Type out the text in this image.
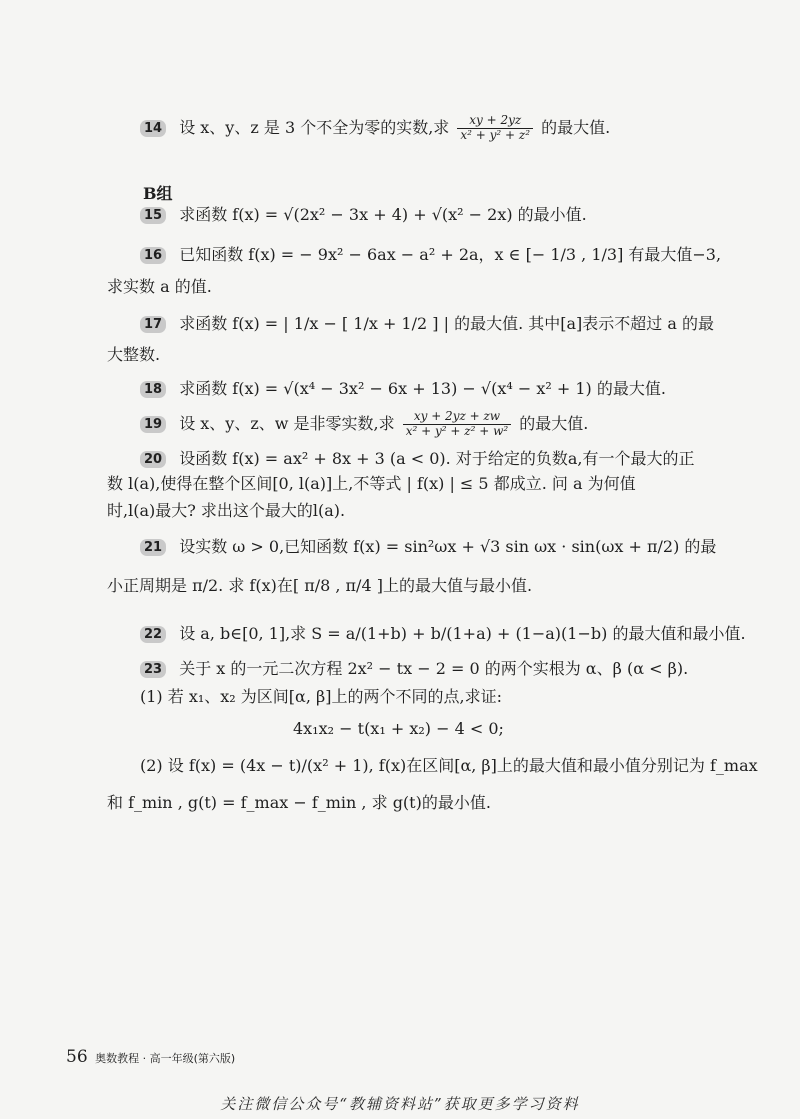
14 设 x、y、z 是 3 个不全为零的实数,求 $\frac{xy + 2yz}{\text{x² + y² + z²}}$ 的最大值.
B组
15 求函数 f(x) = √(2x² − 3x + 4) + √(x² − 2x) 的最小值.
16 已知函数 f(x) = − 9x² − 6ax − a² + 2a，x ∈ [− 1/3 , 1/3] 有最大值−3,
求实数 a 的值.
17 求函数 f(x) = | 1/x − [ 1/x + 1/2 ] | 的最大值. 其中[a]表示不超过 a 的最
大整数.
18 求函数 f(x) = √(x⁴ − 3x² − 6x + 13) − √(x⁴ − x² + 1) 的最大值.
19 设 x、y、z、w 是非零实数,求 $\frac{xy + 2yz + zw}{\text{x² + y² + z² + w²}}$ 的最大值.
20 设函数 f(x) = ax² + 8x + 3 (a < 0). 对于给定的负数a,有一个最大的正
数 l(a),使得在整个区间[0, l(a)]上,不等式 | f(x) | ≤ 5 都成立. 问 a 为何值
时,l(a)最大? 求出这个最大的l(a).
21 设实数 ω > 0,已知函数 f(x) = sin²ωx + √3 sin ωx · sin(ωx + π/2) 的最
小正周期是 π/2. 求 f(x)在[ π/8 , π/4 ]上的最大值与最小值.
22 设 a, b∈[0, 1],求 S = a/(1+b) + b/(1+a) + (1−a)(1−b) 的最大值和最小值.
23 关于 x 的一元二次方程 2x² − tx − 2 = 0 的两个实根为 α、β (α < β).
(1) 若 x₁、x₂ 为区间[α, β]上的两个不同的点,求证:
4x₁x₂ − t(x₁ + x₂) − 4 < 0;
(2) 设 f(x) = (4x − t)/(x² + 1), f(x)在区间[α, β]上的最大值和最小值分别记为 f_max
和 f_min , g(t) = f_max − f_min , 求 g(t)的最小值.
56 奥数教程 · 高一年级(第六版)
关注微信公众号“教辅资料站”获取更多学习资料
